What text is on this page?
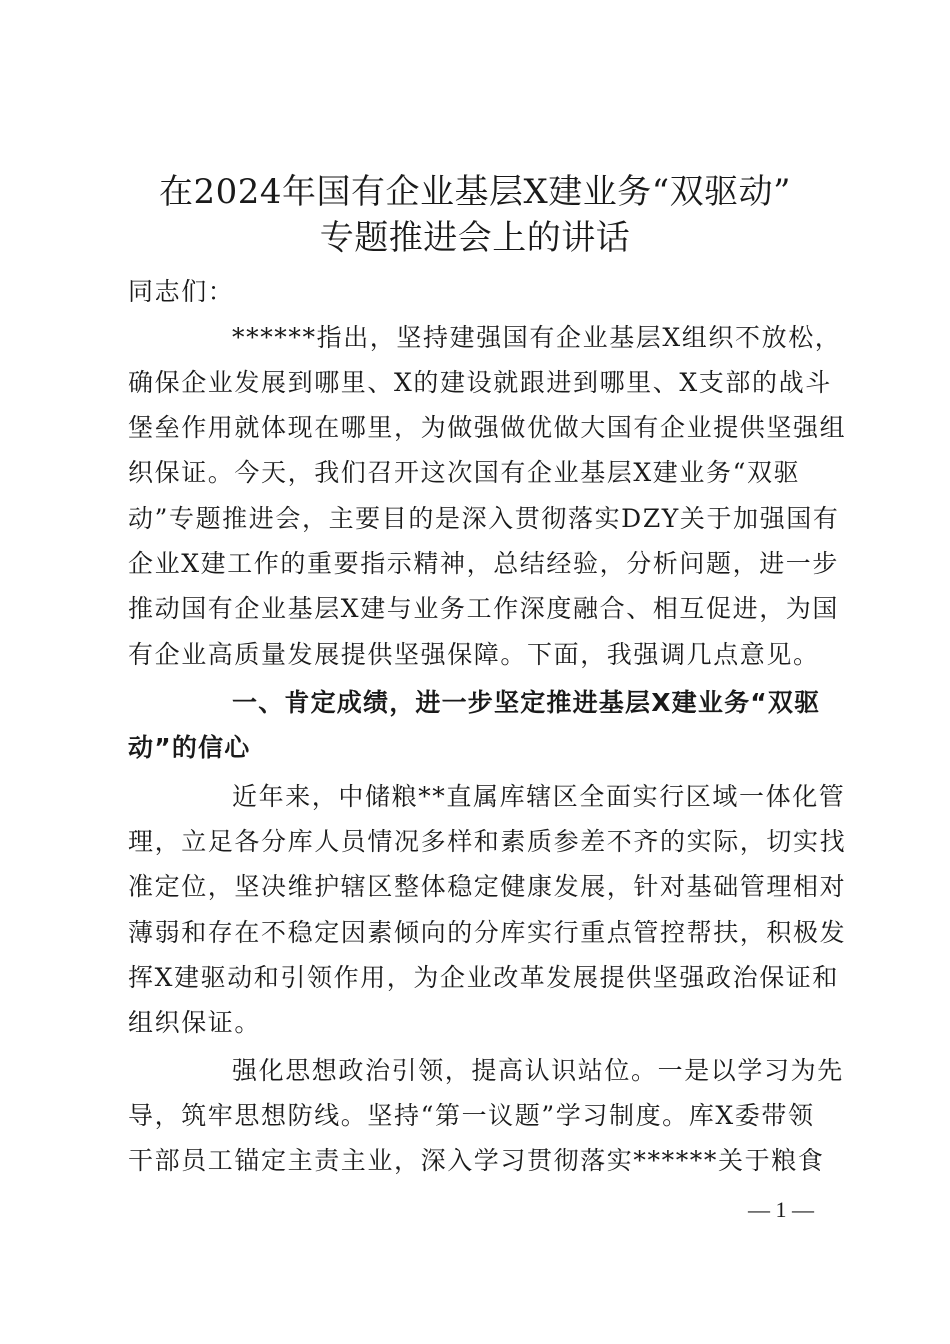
在2024年国有企业基层X建业务“双驱动”
专题推进会上的讲话
同志们：
******指出，坚持建强国有企业基层X组织不放松，
确保企业发展到哪里、X的建设就跟进到哪里、X支部的战斗
堡垒作用就体现在哪里，为做强做优做大国有企业提供坚强组
织保证。今天，我们召开这次国有企业基层X建业务“双驱
动”专题推进会，主要目的是深入贯彻落实DZY关于加强国有
企业X建工作的重要指示精神，总结经验，分析问题，进一步
推动国有企业基层X建与业务工作深度融合、相互促进，为国
有企业高质量发展提供坚强保障。下面，我强调几点意见。
一、肯定成绩，进一步坚定推进基层X建业务“双驱
动”的信心
近年来，中储粮**直属库辖区全面实行区域一体化管
理，立足各分库人员情况多样和素质参差不齐的实际，切实找
准定位，坚决维护辖区整体稳定健康发展，针对基础管理相对
薄弱和存在不稳定因素倾向的分库实行重点管控帮扶，积极发
挥X建驱动和引领作用，为企业改革发展提供坚强政治保证和
组织保证。
强化思想政治引领，提高认识站位。一是以学习为先
导，筑牢思想防线。坚持“第一议题”学习制度。库X委带领
干部员工锚定主责主业，深入学习贯彻落实******关于粮食
— 1 —
